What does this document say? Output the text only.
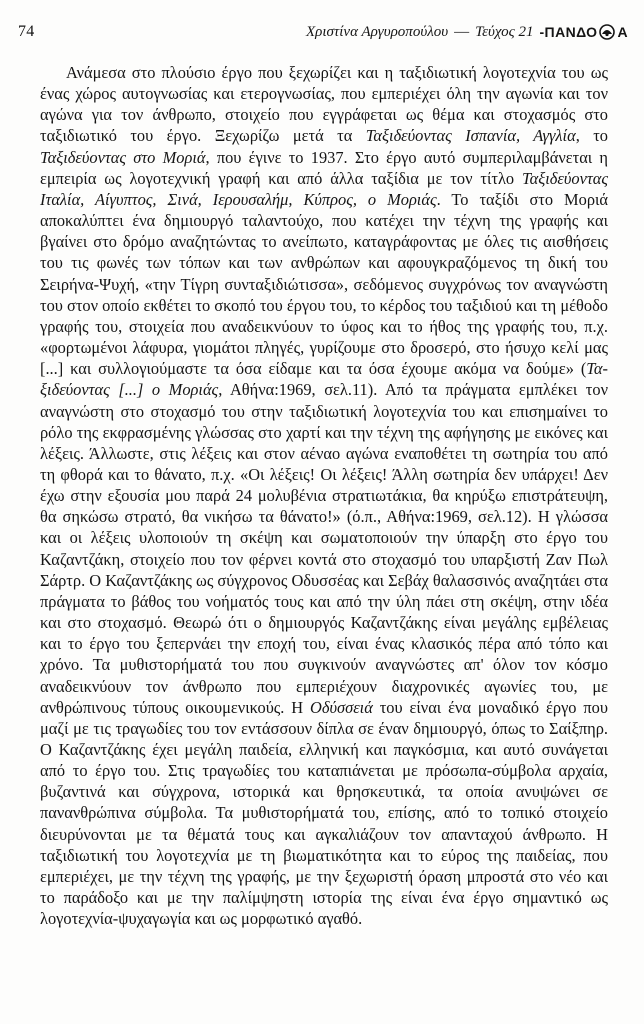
74	Χριστίνα Αργυροπούλου — Τεύχος 21 -ΠΑΝΔΟ Α

Ανάμεσα στο πλούσιο έργο που ξεχωρίζει και η ταξιδιωτική λογοτεχνία του ως ένας χώρος αυτογνωσίας και ετερογνωσίας, που εμπεριέχει όλη την αγωνία και τον αγώνα για τον άνθρωπο, στοιχείο που εγγράφεται ως θέμα και στοχασμός στο ταξιδιωτικό του έργο. Ξεχωρίζω μετά τα Ταξιδεύοντας Ισπανία, Αγγλία, το Ταξιδεύοντας στο Μοριά, που έγινε το 1937. Στο έργο αυτό συμπεριλαμβάνεται η εμπειρία ως λογοτεχνική γραφή και από άλλα ταξίδια με τον τίτλο Ταξιδεύοντας Ιταλία, Αίγυπτος, Σινά, Ιερουσαλήμ, Κύπρος, ο Μοριάς. Το ταξίδι στο Μοριά αποκαλύπτει ένα δημιουργό ταλαντούχο, που κατέχει την τέχνη της γραφής και βγαίνει στο δρόμο αναζητώντας το ανείπωτο, καταγράφοντας με όλες τις αισθήσεις του τις φωνές των τόπων και των ανθρώπων και αφουγκραζόμενος τη δική του Σειρήνα-Ψυχή, «την Τίγρη συνταξιδιώτισσα», σεδόμενος συγχρόνως τον αναγνώστη του στον οποίο εκθέτει το σκοπό του έργου του, το κέρδος του ταξιδιού και τη μέθοδο γραφής του, στοιχεία που αναδεικνύουν το ύφος και το ήθος της γραφής του, π.χ. «φορτωμένοι λάφυρα, γιομάτοι πληγές, γυρίζουμε στο δροσερό, στο ήσυχο κελί μας [...] και συλλογιούμαστε τα όσα είδαμε και τα όσα έχουμε ακόμα να δούμε» (Ταξιδεύοντας [...] ο Μοριάς, Αθήνα:1969, σελ.11). Από τα πράγματα εμπλέκει τον αναγνώστη στο στοχασμό του στην ταξιδιωτική λογοτεχνία του και επισημαίνει το ρόλο της εκφρασμένης γλώσσας στο χαρτί και την τέχνη της αφήγησης με εικόνες και λέξεις. Άλλωστε, στις λέξεις και στον αέναο αγώνα εναποθέτει τη σωτηρία του από τη φθορά και το θάνατο, π.χ. «Οι λέξεις! Οι λέξεις! Άλλη σωτηρία δεν υπάρχει! Δεν έχω στην εξουσία μου παρά 24 μολυβένια στρατιωτάκια, θα κηρύξω επιστράτευψη, θα σηκώσω στρατό, θα νικήσω τα θάνατο!» (ό.π., Αθήνα:1969, σελ.12). Η γλώσσα και οι λέξεις υλοποιούν τη σκέψη και σωματοποιούν την ύπαρξη στο έργο του Καζαντζάκη, στοιχείο που τον φέρνει κοντά στο στοχασμό του υπαρξιστή Ζαν Πωλ Σάρτρ. Ο Καζαντζάκης ως σύγχρονος Οδυσσέας και Σεβάχ θαλασσινός αναζητάει στα πράγματα το βάθος του νοήματός τους και από την ύλη πάει στη σκέψη, στην ιδέα και στο στοχασμό. Θεωρώ ότι ο δημιουργός Καζαντζάκης είναι μεγάλης εμβέλειας και το έργο του ξεπερνάει την εποχή του, είναι ένας κλασικός πέρα από τόπο και χρόνο. Τα μυθιστορήματά του που συγκινούν αναγνώστες απ' όλον τον κόσμο αναδεικνύουν τον άνθρωπο που εμπεριέχουν διαχρονικές αγωνίες του, με ανθρώπινους τύπους οικουμενικούς. Η Οδύσσειά του είναι ένα μοναδικό έργο που μαζί με τις τραγωδίες του τον εντάσσουν δίπλα σε έναν δημιουργό, όπως το Σαίξπηρ. Ο Καζαντζάκης έχει μεγάλη παιδεία, ελληνική και παγκόσμια, και αυτό συνάγεται από το έργο του. Στις τραγωδίες του καταπιάνεται με πρόσωπα-σύμβολα αρχαία, βυζαντινά και σύγχρονα, ιστορικά και θρησκευτικά, τα οποία ανυψώνει σε πανανθρώπινα σύμβολα. Τα μυθιστορήματά του, επίσης, από το τοπικό στοιχείο διευρύνονται με τα θέματά τους και αγκαλιάζουν τον απανταχού άνθρωπο. Η ταξιδιωτική του λογοτεχνία με τη βιωματικότητα και το εύρος της παιδείας, που εμπεριέχει, με την τέχνη της γραφής, με την ξεχωριστή όραση μπροστά στο νέο και το παράδοξο και με την παλίμψηστη ιστορία της είναι ένα έργο σημαντικό ως λογοτεχνία-ψυχαγωγία και ως μορφωτικό αγαθό.
